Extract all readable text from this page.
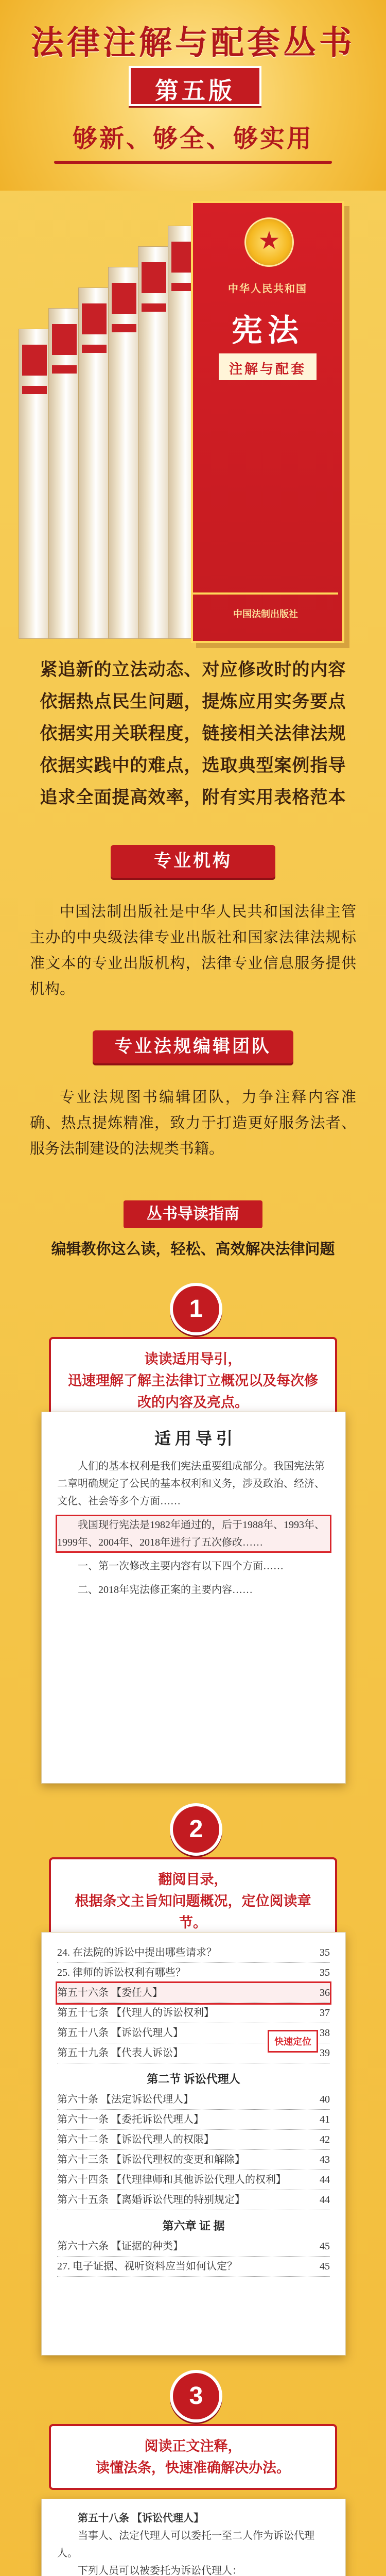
法律注解与配套丛书
第五版
够新、够全、够实用
★
中华人民共和国
宪法
注解与配套
中国法制出版社
紧追新的立法动态、对应修改时的内容
依据热点民生问题，提炼应用实务要点
依据实用关联程度，链接相关法律法规
依据实践中的难点，选取典型案例指导
追求全面提高效率，附有实用表格范本
专业机构
中国法制出版社是中华人民共和国法律主管主办的中央级法律专业出版社和国家法律法规标准文本的专业出版机构，法律专业信息服务提供机构。
专业法规编辑团队
专业法规图书编辑团队，力争注释内容准确、热点提炼精准，致力于打造更好服务法者、服务法制建设的法规类书籍。
丛书导读指南
编辑教你这么读，轻松、高效解决法律问题
1
读读适用导引，
迅速理解了解主法律订立概况以及每次修改的内容及亮点。
适 用 导 引
人们的基本权利是我们宪法重要组成部分。我国宪法第二章明确规定了公民的基本权利和义务，涉及政治、经济、文化、社会等多个方面……
我国现行宪法是1982年通过的，后于1988年、1993年、1999年、2004年、2018年进行了五次修改……
一、第一次修改主要内容有以下四个方面……
二、2018年宪法修正案的主要内容……
2
翻阅目录，
根据条文主旨知问题概况，定位阅读章节。
24. 在法院的诉讼中提出哪些请求？	35
25. 律师的诉讼权利有哪些？	35
第五十六条 【委任人】	36
第五十七条 【代理人的诉讼权利】	37
第五十八条 【诉讼代理人】	38
第五十九条 【代表人诉讼】	39
第二节 诉讼代理人
第六十条 【法定诉讼代理人】	40
第六十一条 【委托诉讼代理人】	41
第六十二条 【诉讼代理人的权限】	42
第六十三条 【诉讼代理权的变更和解除】	43
第六十四条 【代理律师和其他诉讼代理人的权利】	44
第六十五条 【离婚诉讼代理的特别规定】	44
第六章 证 据
第六十六条 【证据的种类】	45
27. 电子证据、视听资料应当如何认定？	45
快速定位
3
阅读正文注释，
读懂法条，快速准确解决办法。
第五十八条 【诉讼代理人】
当事人、法定代理人可以委托一至二人作为诉讼代理人。
下列人员可以被委托为诉讼代理人：
